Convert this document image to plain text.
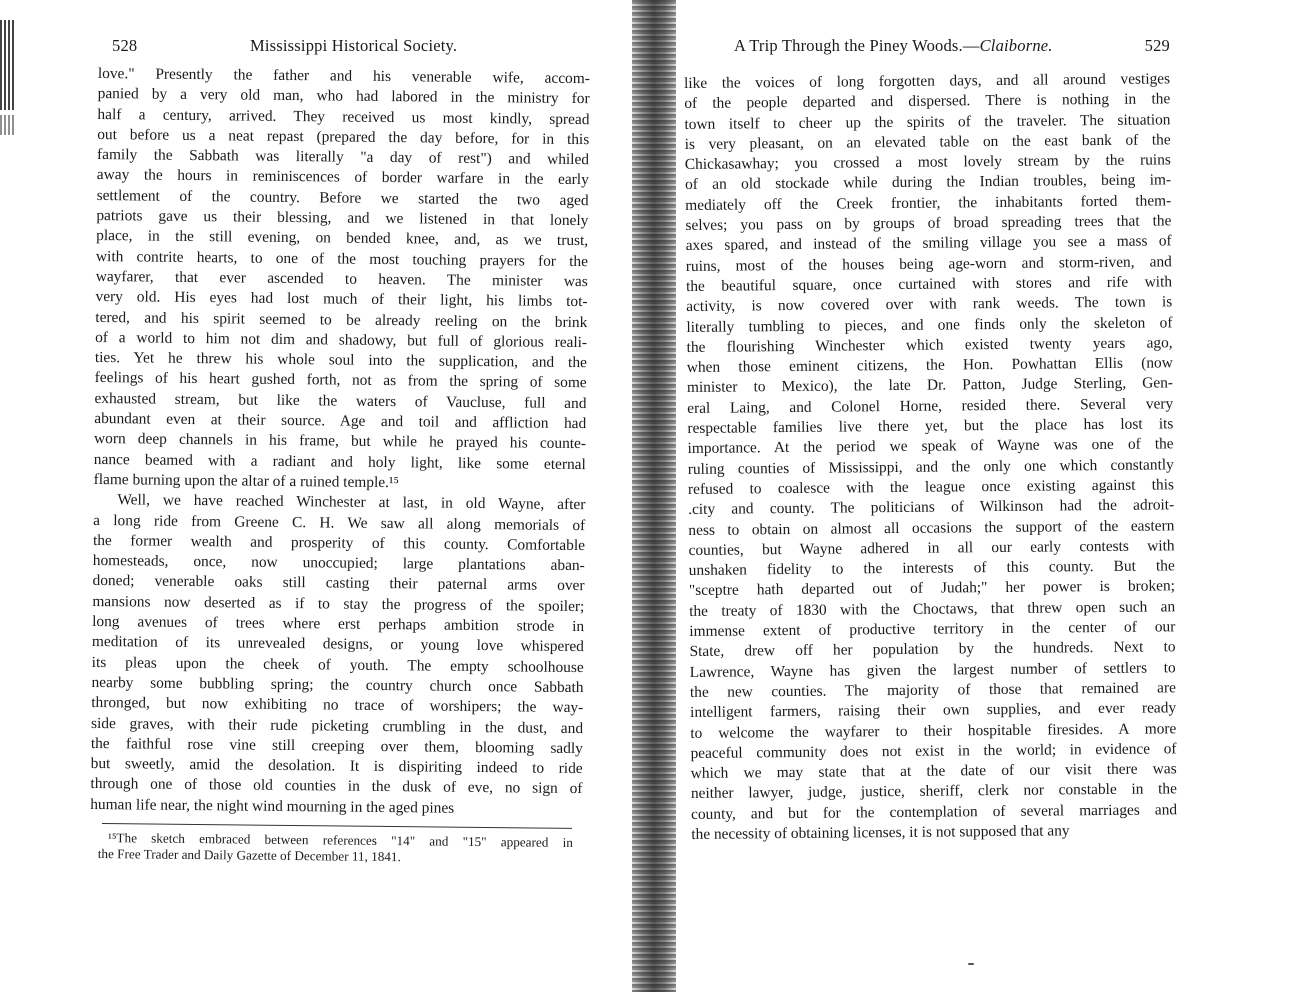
528	Mississippi Historical Society.
love." Presently the father and his venerable wife, accom-
panied by a very old man, who had labored in the ministry for
half a century, arrived. They received us most kindly, spread
out before us a neat repast (prepared the day before, for in this
family the Sabbath was literally "a day of rest") and whiled
away the hours in reminiscences of border warfare in the early
settlement of the country. Before we started the two aged
patriots gave us their blessing, and we listened in that lonely
place, in the still evening, on bended knee, and, as we trust,
with contrite hearts, to one of the most touching prayers for the
wayfarer, that ever ascended to heaven. The minister was
very old. His eyes had lost much of their light, his limbs tot-
tered, and his spirit seemed to be already reeling on the brink
of a world to him not dim and shadowy, but full of glorious reali-
ties. Yet he threw his whole soul into the supplication, and the
feelings of his heart gushed forth, not as from the spring of some
exhausted stream, but like the waters of Vaucluse, full and
abundant even at their source. Age and toil and affliction had
worn deep channels in his frame, but while he prayed his counte-
nance beamed with a radiant and holy light, like some eternal
flame burning upon the altar of a ruined temple.¹⁵
Well, we have reached Winchester at last, in old Wayne, after
a long ride from Greene C. H. We saw all along memorials of
the former wealth and prosperity of this county. Comfortable
homesteads, once, now unoccupied; large plantations aban-
doned; venerable oaks still casting their paternal arms over
mansions now deserted as if to stay the progress of the spoiler;
long avenues of trees where erst perhaps ambition strode in
meditation of its unrevealed designs, or young love whispered
its pleas upon the cheek of youth. The empty schoolhouse
nearby some bubbling spring; the country church once Sabbath
thronged, but now exhibiting no trace of worshipers; the way-
side graves, with their rude picketing crumbling in the dust, and
the faithful rose vine still creeping over them, blooming sadly
but sweetly, amid the desolation. It is dispiriting indeed to ride
through one of those old counties in the dusk of eve, no sign of
human life near, the night wind mourning in the aged pines
¹⁵The sketch embraced between references "14" and "15" appeared in
the Free Trader and Daily Gazette of December 11, 1841.
A Trip Through the Piney Woods.—Claiborne.	529
like the voices of long forgotten days, and all around vestiges
of the people departed and dispersed. There is nothing in the
town itself to cheer up the spirits of the traveler. The situation
is very pleasant, on an elevated table on the east bank of the
Chickasawhay; you crossed a most lovely stream by the ruins
of an old stockade while during the Indian troubles, being im-
mediately off the Creek frontier, the inhabitants forted them-
selves; you pass on by groups of broad spreading trees that the
axes spared, and instead of the smiling village you see a mass of
ruins, most of the houses being age-worn and storm-riven, and
the beautiful square, once curtained with stores and rife with
activity, is now covered over with rank weeds. The town is
literally tumbling to pieces, and one finds only the skeleton of
the flourishing Winchester which existed twenty years ago,
when those eminent citizens, the Hon. Powhattan Ellis (now
minister to Mexico), the late Dr. Patton, Judge Sterling, Gen-
eral Laing, and Colonel Horne, resided there. Several very
respectable families live there yet, but the place has lost its
importance. At the period we speak of Wayne was one of the
ruling counties of Mississippi, and the only one which constantly
refused to coalesce with the league once existing against this
.city and county. The politicians of Wilkinson had the adroit-
ness to obtain on almost all occasions the support of the eastern
counties, but Wayne adhered in all our early contests with
unshaken fidelity to the interests of this county. But the
"sceptre hath departed out of Judah;" her power is broken;
the treaty of 1830 with the Choctaws, that threw open such an
immense extent of productive territory in the center of our
State, drew off her population by the hundreds. Next to
Lawrence, Wayne has given the largest number of settlers to
the new counties. The majority of those that remained are
intelligent farmers, raising their own supplies, and ever ready
to welcome the wayfarer to their hospitable firesides. A more
peaceful community does not exist in the world; in evidence of
which we may state that at the date of our visit there was
neither lawyer, judge, justice, sheriff, clerk nor constable in the
county, and but for the contemplation of several marriages and
the necessity of obtaining licenses, it is not supposed that any
